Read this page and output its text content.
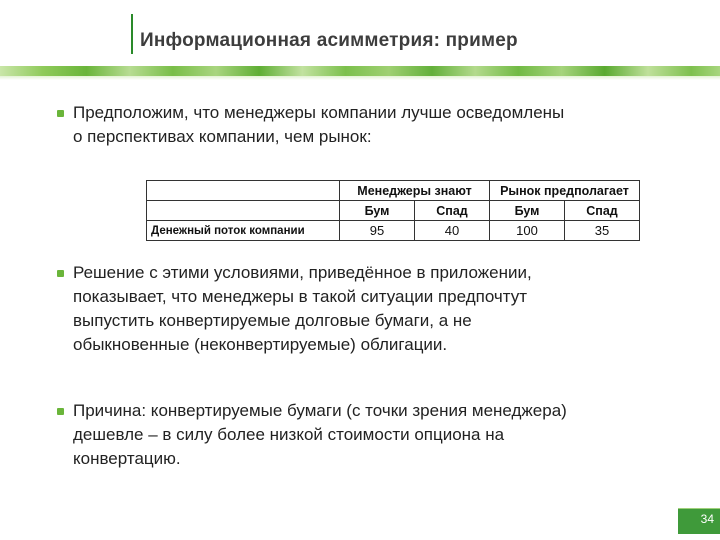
Информационная асимметрия: пример
Предположим, что менеджеры компании лучше осведомлены
о перспективах компании, чем рынок:
	Менеджеры знают		Рынок предполагает	
	Бум	Спад	Бум	Спад
Денежный поток компании	95	40	100	35
Решение с этими условиями, приведённое в приложении,
показывает, что менеджеры в такой ситуации предпочтут
выпустить конвертируемые долговые бумаги, а не
обыкновенные (неконвертируемые) облигации.
Причина: конвертируемые бумаги (с точки зрения менеджера)
дешевле – в силу более низкой стоимости опциона на
конвертацию.
34
